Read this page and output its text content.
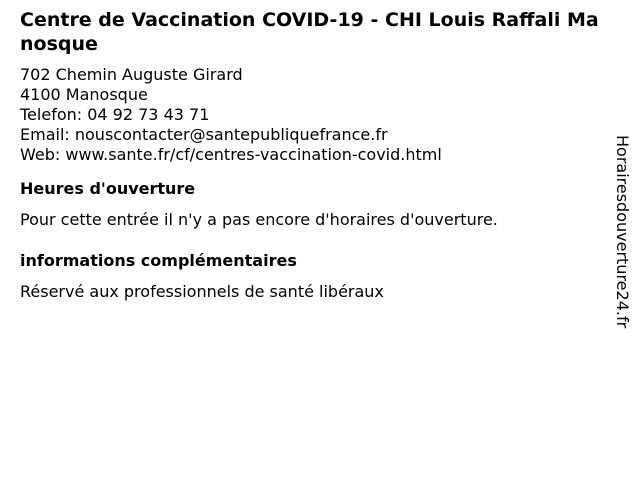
Centre de Vaccination COVID-19 - CHI Louis Raffali Manosque
702 Chemin Auguste Girard
4100 Manosque
Telefon: 04 92 73 43 71
Email: nouscontacter@santepubliquefrance.fr
Web: www.sante.fr/cf/centres-vaccination-covid.html
Heures d'ouverture

Pour cette entrée il n'y a pas encore d'horaires d'ouverture.

informations complémentaires

Réservé aux professionnels de santé libéraux	Horairesdouverture24.fr
